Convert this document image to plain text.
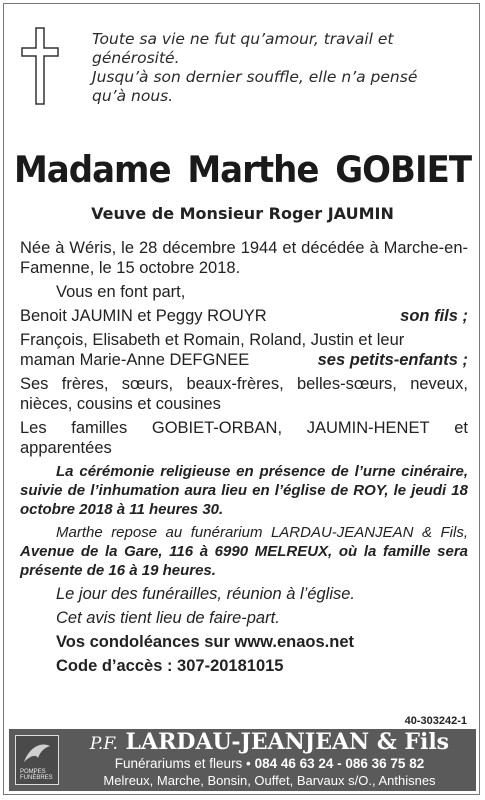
Toute sa vie ne fut qu’amour, travail et
générosité.
Jusqu’à son dernier souffle, elle n’a pensé
qu’à nous.
Madame Marthe GOBIET
Veuve de Monsieur Roger JAUMIN

Née à Wéris, le 28 décembre 1944 et décédée à Marche-en-Famenne, le 15 octobre 2018.

Vous en font part,

Benoit JAUMIN et Peggy ROUYR	son fils ;
François, Elisabeth et Romain, Roland, Justin et leur
maman Marie-Anne DEFGNEE	ses petits-enfants ;

Ses frères, sœurs, beaux-frères, belles-sœurs, neveux, nièces, cousins et cousines

Les familles GOBIET-ORBAN, JAUMIN-HENET et

apparentées

La cérémonie religieuse en présence de l’urne cinéraire, suivie de l’inhumation aura lieu en l’église de ROY, le jeudi 18 octobre 2018 à 11 heures 30.

Marthe repose au funérarium LARDAU-JEANJEAN & Fils, Avenue de la Gare, 116 à 6990 MELREUX, où la famille sera présente de 16 à 19 heures.

Le jour des funérailles, réunion à l’église.

Cet avis tient lieu de faire-part.

Vos condoléances sur www.enaos.net

Code d’accès : 307-20181015

40-303242-1
POMPES FUNÈBRES
P.F. LARDAU-JEANJEAN & Fils
Funérariums et fleurs • 084 46 63 24 - 086 36 75 82
Melreux, Marche, Bonsin, Ouffet, Barvaux s/O., Anthisnes
